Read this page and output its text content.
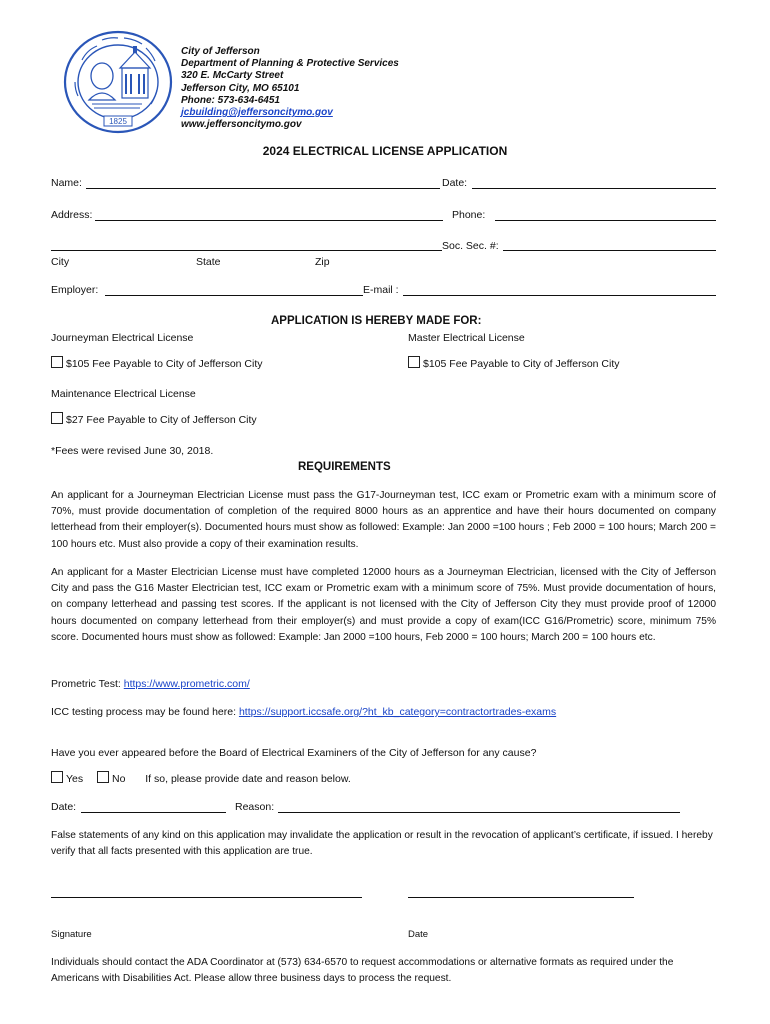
1825
City of Jefferson
Department of Planning & Protective Services
320 E. McCarty Street
Jefferson City, MO 65101
Phone: 573-634-6451
jcbuilding@jeffersoncitymo.gov
www.jeffersoncitymo.gov
2024 ELECTRICAL LICENSE APPLICATION
Name:	Date:
Address:	Phone:
Soc. Sec. #:
City	State	Zip
Employer:	E-mail :
APPLICATION IS HEREBY MADE FOR:
Journeyman Electrical License	Master Electrical License
$105 Fee Payable to City of Jefferson City	$105 Fee Payable to City of Jefferson City
Maintenance Electrical License
$27 Fee Payable to City of Jefferson City
*Fees were revised June 30, 2018.
REQUIREMENTS
An applicant for a Journeyman Electrician License must pass the G17-Journeyman test, ICC exam or Prometric exam with a minimum score of 70%, must provide documentation of completion of the required 8000 hours as an apprentice and have their hours documented on company letterhead from their employer(s). Documented hours must show as followed: Example: Jan 2000 =100 hours ; Feb 2000 = 100 hours; March 200 = 100 hours etc. Must also provide a copy of their examination results.
An applicant for a Master Electrician License must have completed 12000 hours as a Journeyman Electrician, licensed with the City of Jefferson City and pass the G16 Master Electrician test, ICC exam or Prometric exam with a minimum score of 75%. Must provide documentation of hours, on company letterhead and passing test scores. If the applicant is not licensed with the City of Jefferson City they must provide proof of 12000 hours documented on company letterhead from their employer(s) and must provide a copy of exam(ICC G16/Prometric) score, minimum 75% score. Documented hours must show as followed: Example: Jan 2000 =100 hours, Feb 2000 = 100 hours; March 200 = 100 hours etc.
Prometric Test: https://www.prometric.com/
ICC testing process may be found here: https://support.iccsafe.org/?ht_kb_category=contractortrades-exams
Have you ever appeared before the Board of Electrical Examiners of the City of Jefferson for any cause?
Yes	No If so, please provide date and reason below.
Date:	Reason:
False statements of any kind on this application may invalidate the application or result in the revocation of applicant’s certificate, if issued. I hereby verify that all facts presented with this application are true.
Signature	Date
Individuals should contact the ADA Coordinator at (573) 634-6570 to request accommodations or alternative formats as required under the Americans with Disabilities Act. Please allow three business days to process the request.
